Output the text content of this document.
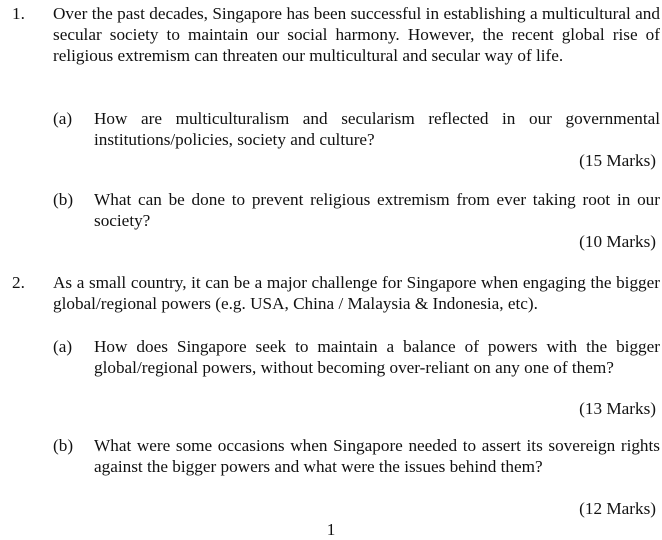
1. Over the past decades, Singapore has been successful in establishing a multicultural and secular society to maintain our social harmony. However, the recent global rise of religious extremism can threaten our multicultural and secular way of life.
(a) How are multiculturalism and secularism reflected in our governmental institutions/policies, society and culture?
(15 Marks)
(b) What can be done to prevent religious extremism from ever taking root in our society?
(10 Marks)
2. As a small country, it can be a major challenge for Singapore when engaging the bigger global/regional powers (e.g. USA, China / Malaysia & Indonesia, etc).
(a) How does Singapore seek to maintain a balance of powers with the bigger global/regional powers, without becoming over-reliant on any one of them?
(13 Marks)
(b) What were some occasions when Singapore needed to assert its sovereign rights against the bigger powers and what were the issues behind them?
(12 Marks)
1
